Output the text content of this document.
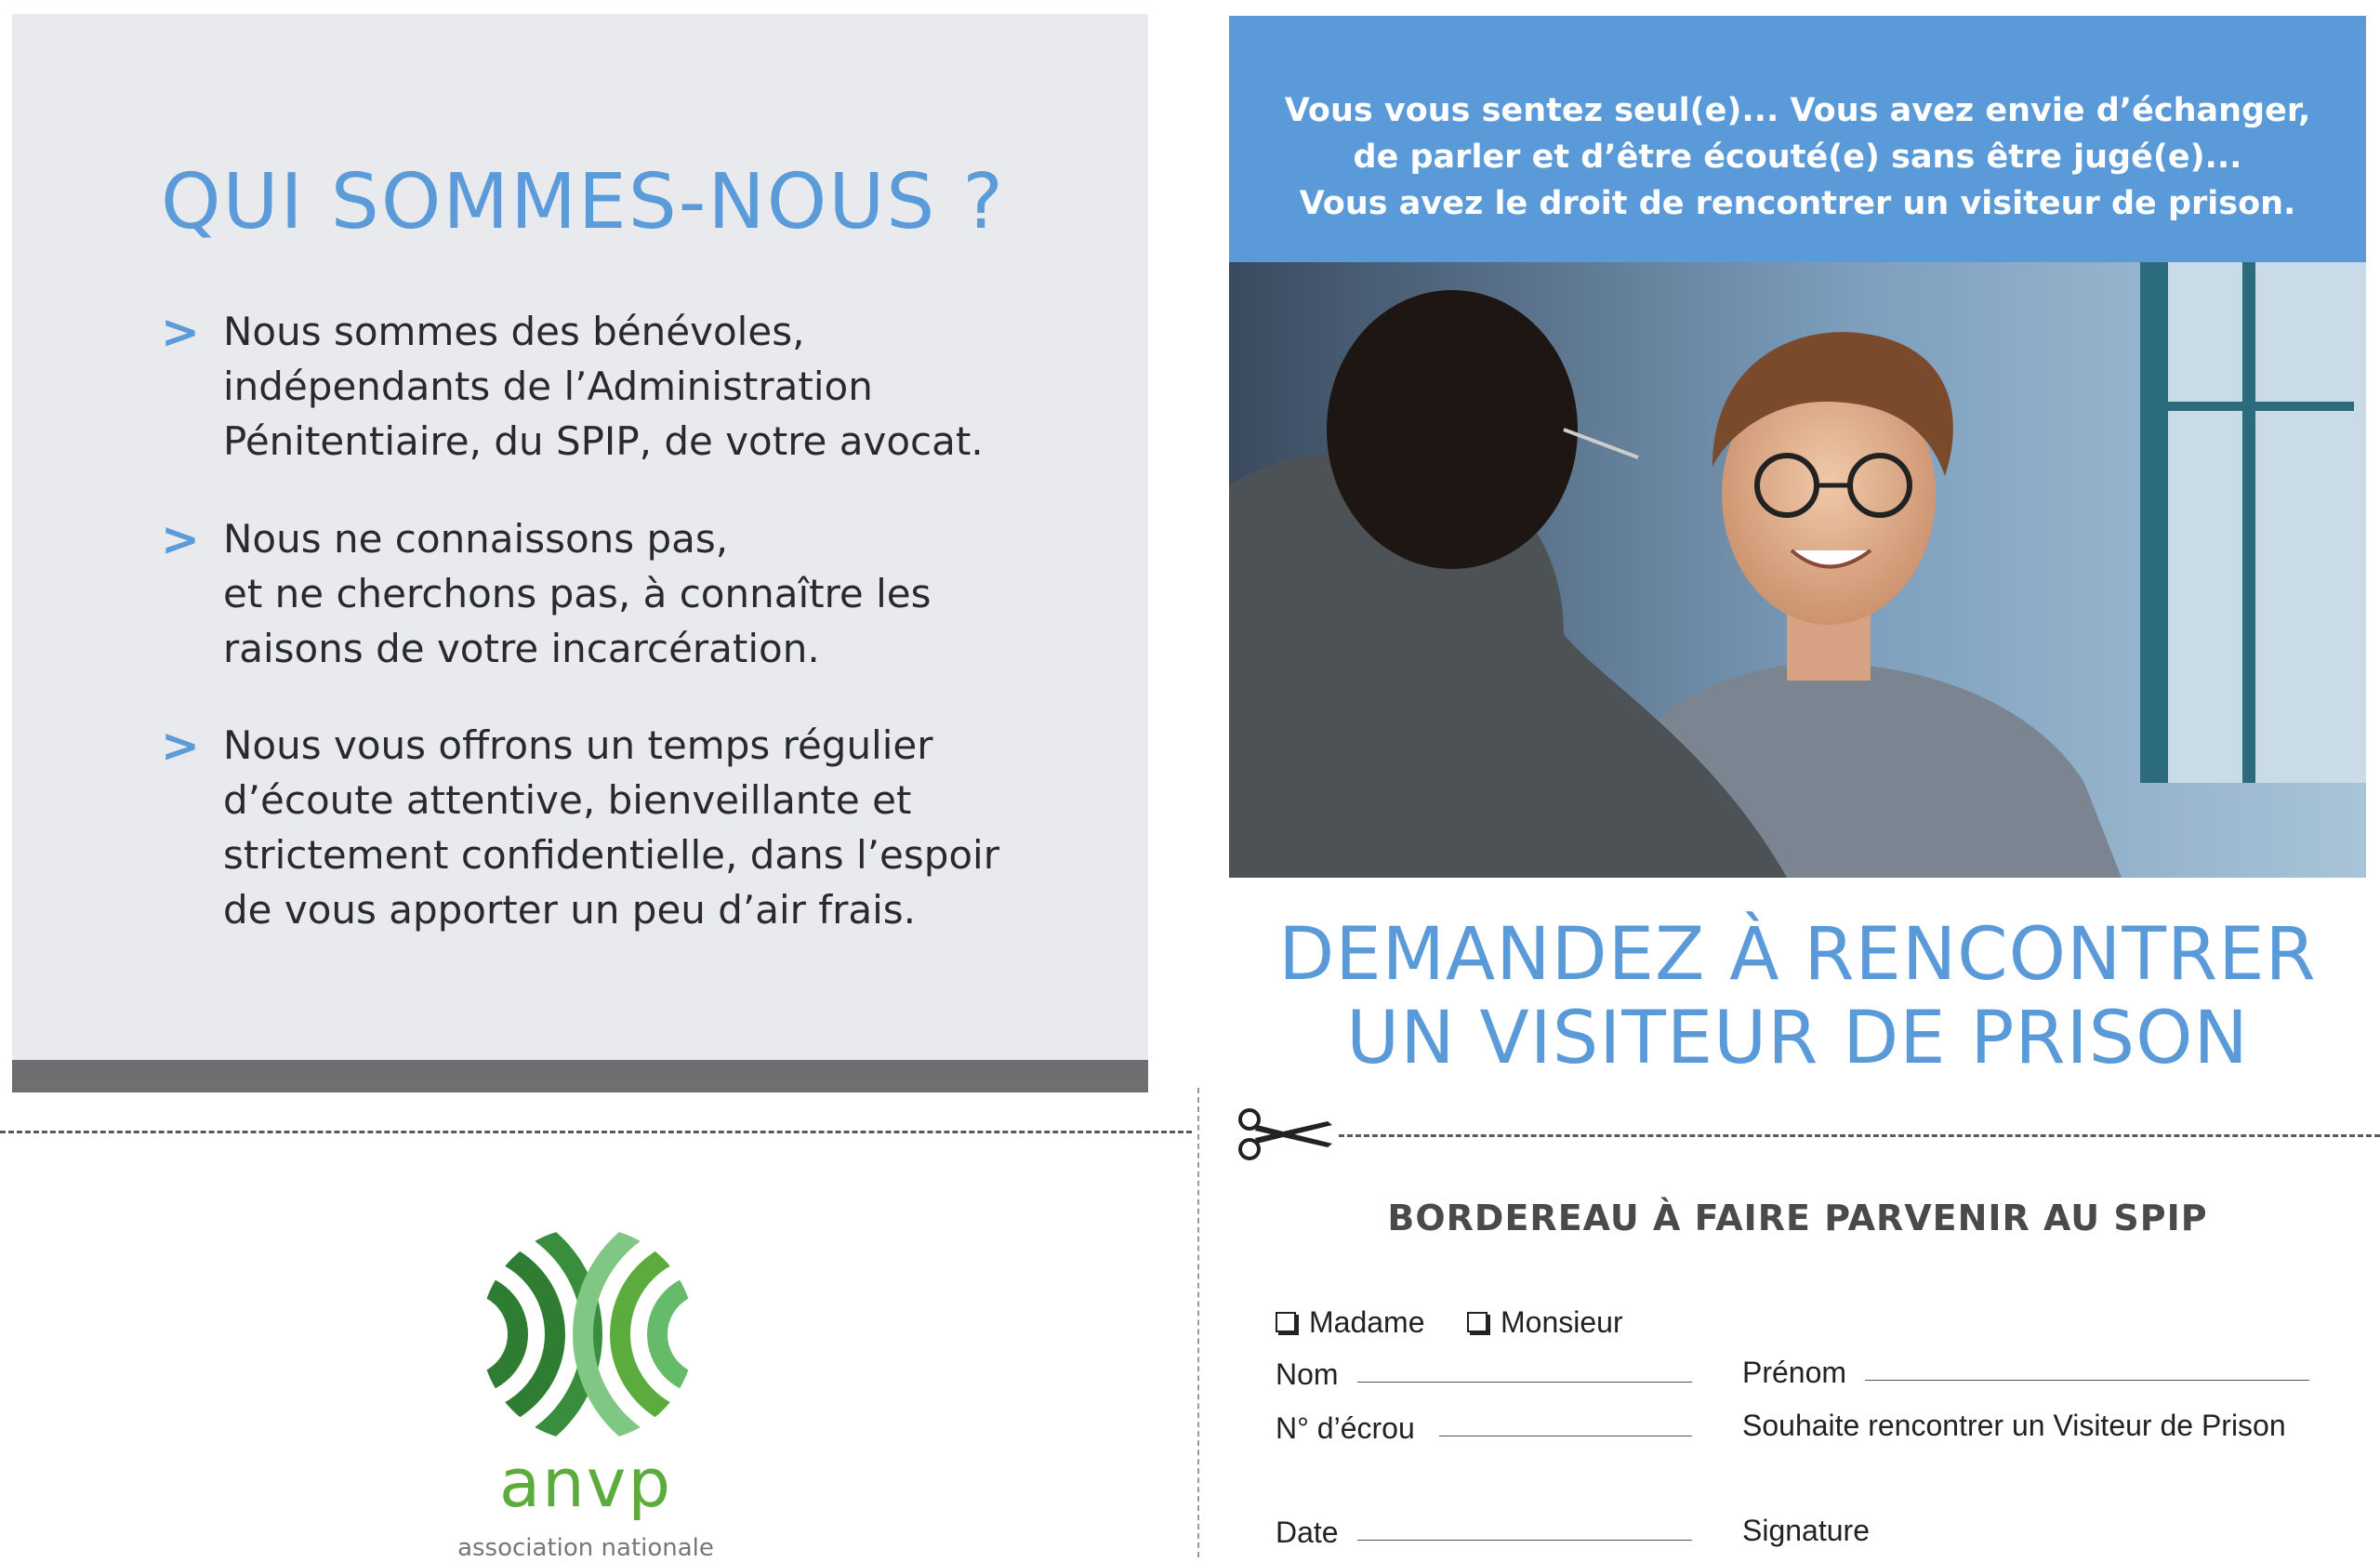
QUI SOMMES-NOUS ?
> Nous sommes des bénévoles,
indépendants de l’Administration
Pénitentiaire, du SPIP, de votre avocat.

> Nous ne connaissons pas,
et ne cherchons pas, à connaître les
raisons de votre incarcération.

> Nous vous offrons un temps régulier
d’écoute attentive, bienveillante et
strictement confidentielle, dans l’espoir
de vous apporter un peu d’air frais.

anvp
association nationale

Vous vous sentez seul(e)... Vous avez envie d’échanger,
de parler et d’être écouté(e) sans être jugé(e)...
Vous avez le droit de rencontrer un visiteur de prison.

DEMANDEZ À RENCONTRER
UN VISITEUR DE PRISON
BORDEREAU À FAIRE PARVENIR AU SPIP
Madame	Monsieur
Nom	Prénom
N° d’écrou	Souhaite rencontrer un Visiteur de Prison
Date	Signature
